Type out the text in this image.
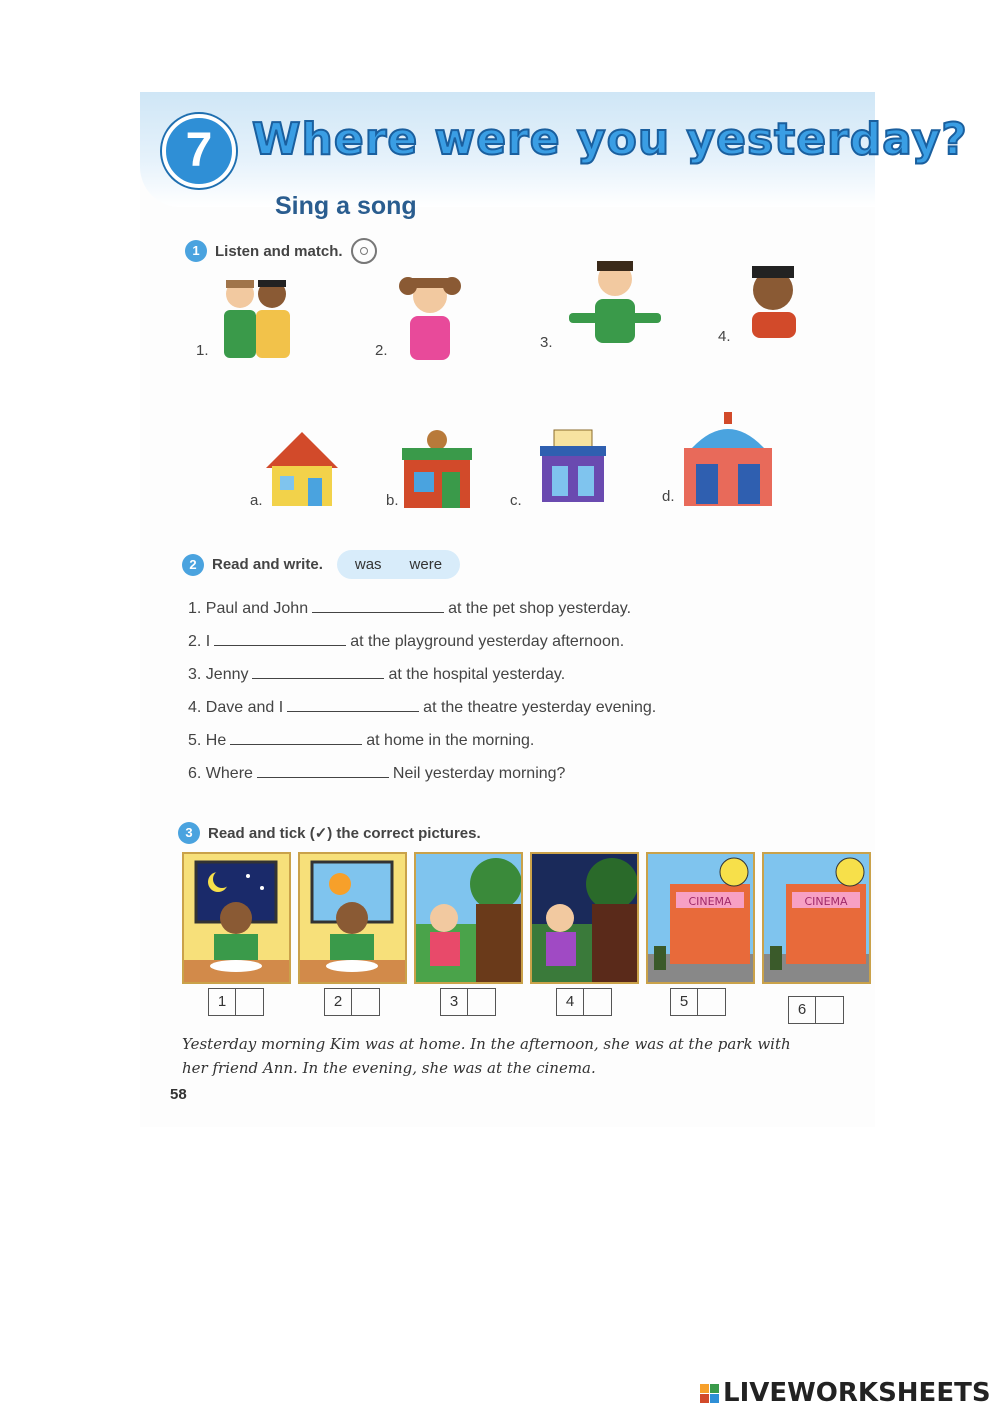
7 Where were you yesterday?
Sing a song
1	Listen and match.
1.	2.	3.	4.
a.	b.	c.	d.
2	Read and write. was were
1. Paul and John	at the pet shop yesterday.
2. I	at the playground yesterday afternoon.
3. Jenny	at the hospital yesterday.
4. Dave and I	at the theatre yesterday evening.
5. He	at home in the morning.
6. Where	Neil yesterday morning?
3	Read and tick (✓) the correct pictures.
CINEMA	CINEMA
1	2	3	4	5	6
Yesterday morning Kim was at home. In the afternoon, she was at the park with
her friend Ann. In the evening, she was at the cinema.
58
LIVEWORKSHEETS
